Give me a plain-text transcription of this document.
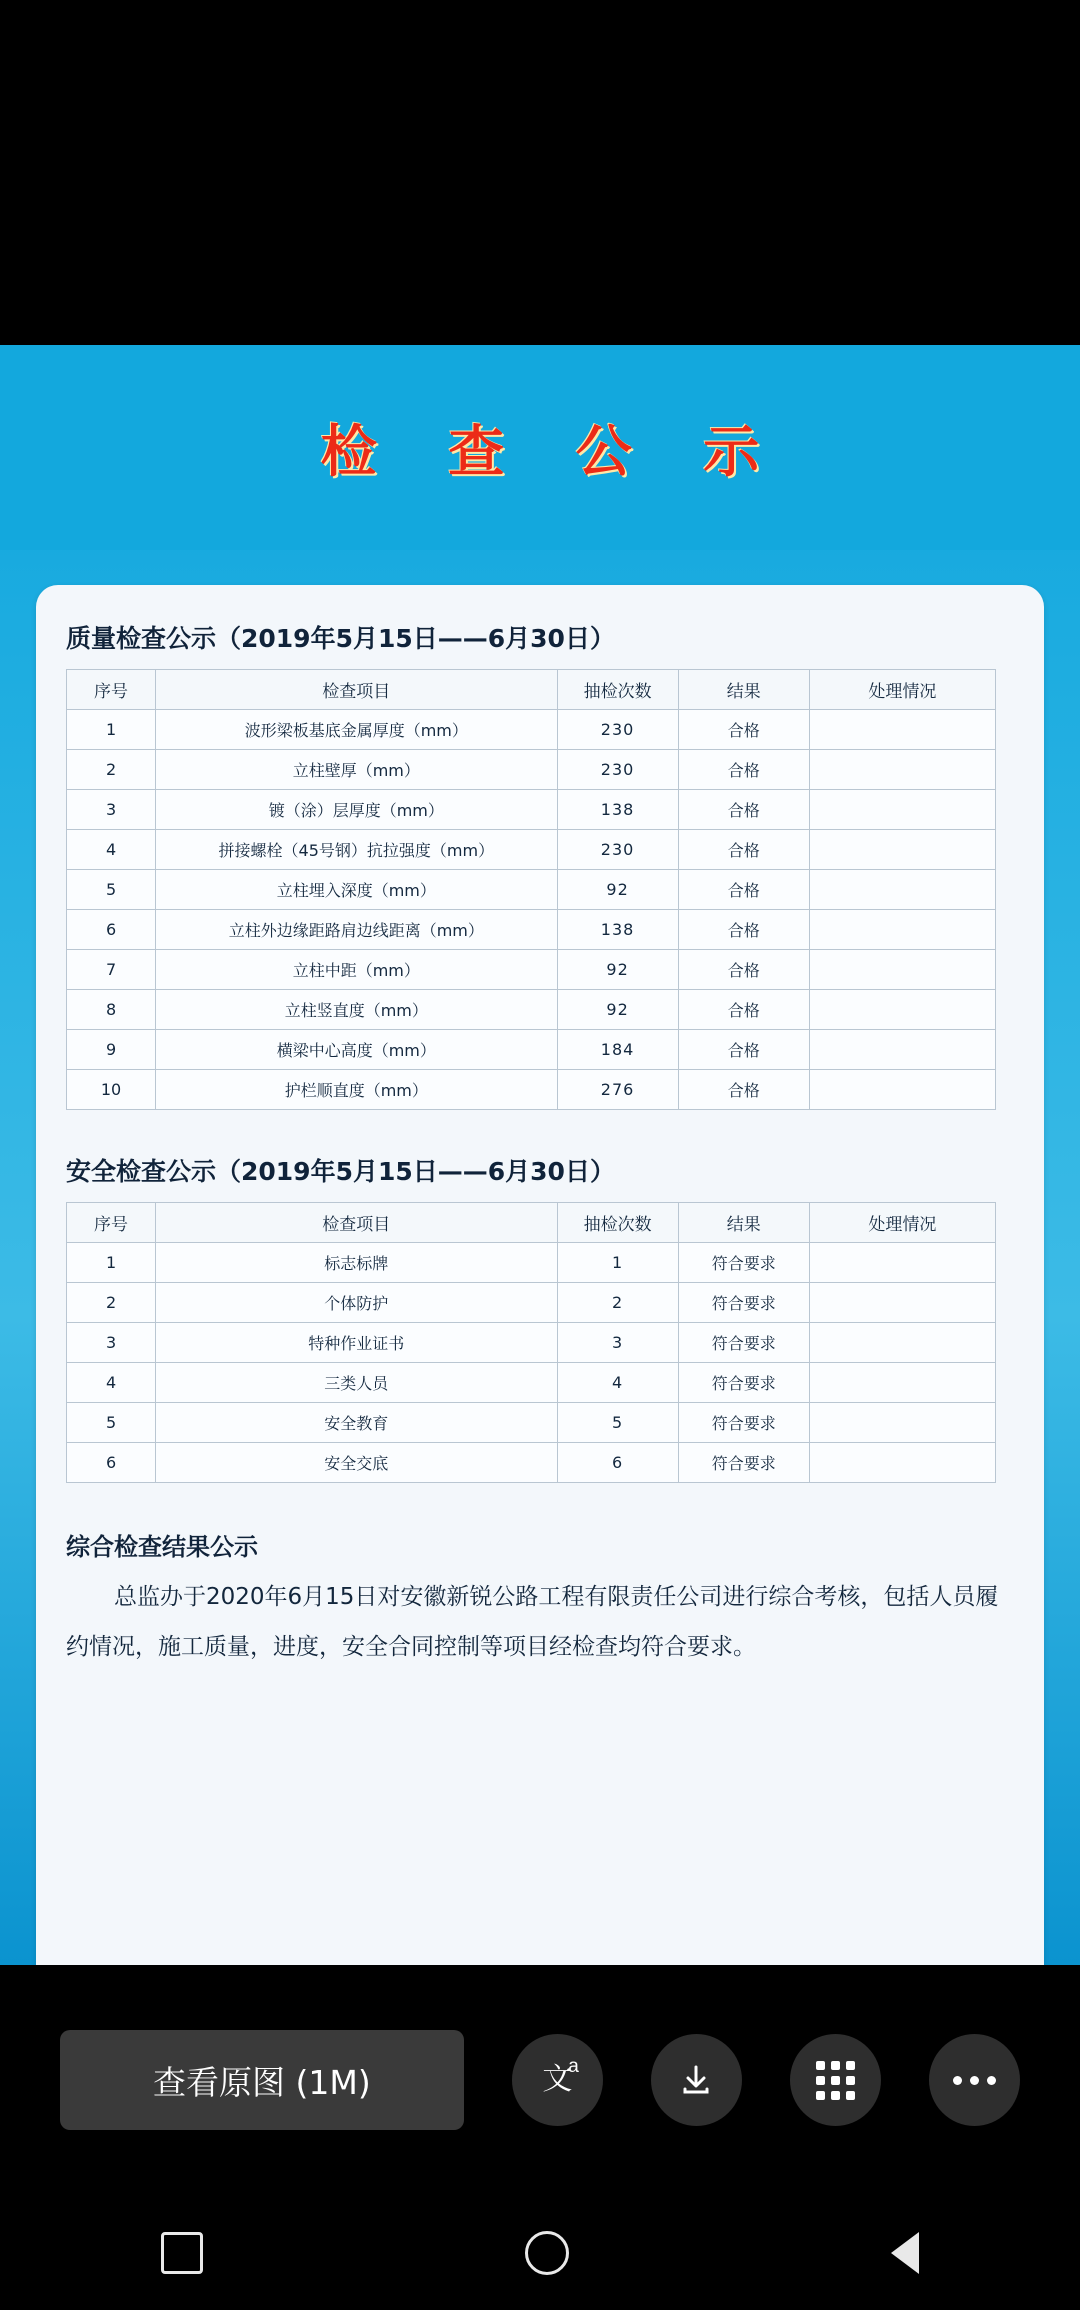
检 查 公 示
质量检查公示（2019年5月15日——6月30日）
序号	检查项目	抽检次数	结果	处理情况
1	波形梁板基底金属厚度（mm）	230	合格	
2	立柱壁厚（mm）	230	合格	
3	镀（涂）层厚度（mm）	138	合格	
4	拼接螺栓（45号钢）抗拉强度（mm）	230	合格	
5	立柱埋入深度（mm）	92	合格	
6	立柱外边缘距路肩边线距离（mm）	138	合格	
7	立柱中距（mm）	92	合格	
8	立柱竖直度（mm）	92	合格	
9	横梁中心高度（mm）	184	合格	
10	护栏顺直度（mm）	276	合格	
安全检查公示（2019年5月15日——6月30日）
序号	检查项目	抽检次数	结果	处理情况
1	标志标牌	1	符合要求	
2	个体防护	2	符合要求	
3	特种作业证书	3	符合要求	
4	三类人员	4	符合要求	
5	安全教育	5	符合要求	
6	安全交底	6	符合要求	
综合检查结果公示

总监办于2020年6月15日对安徽新锐公路工程有限责任公司进行综合考核，包括人员履约情况，施工质量，进度，安全合同控制等项目经检查均符合要求。

查看原图 (1M)	文
a
